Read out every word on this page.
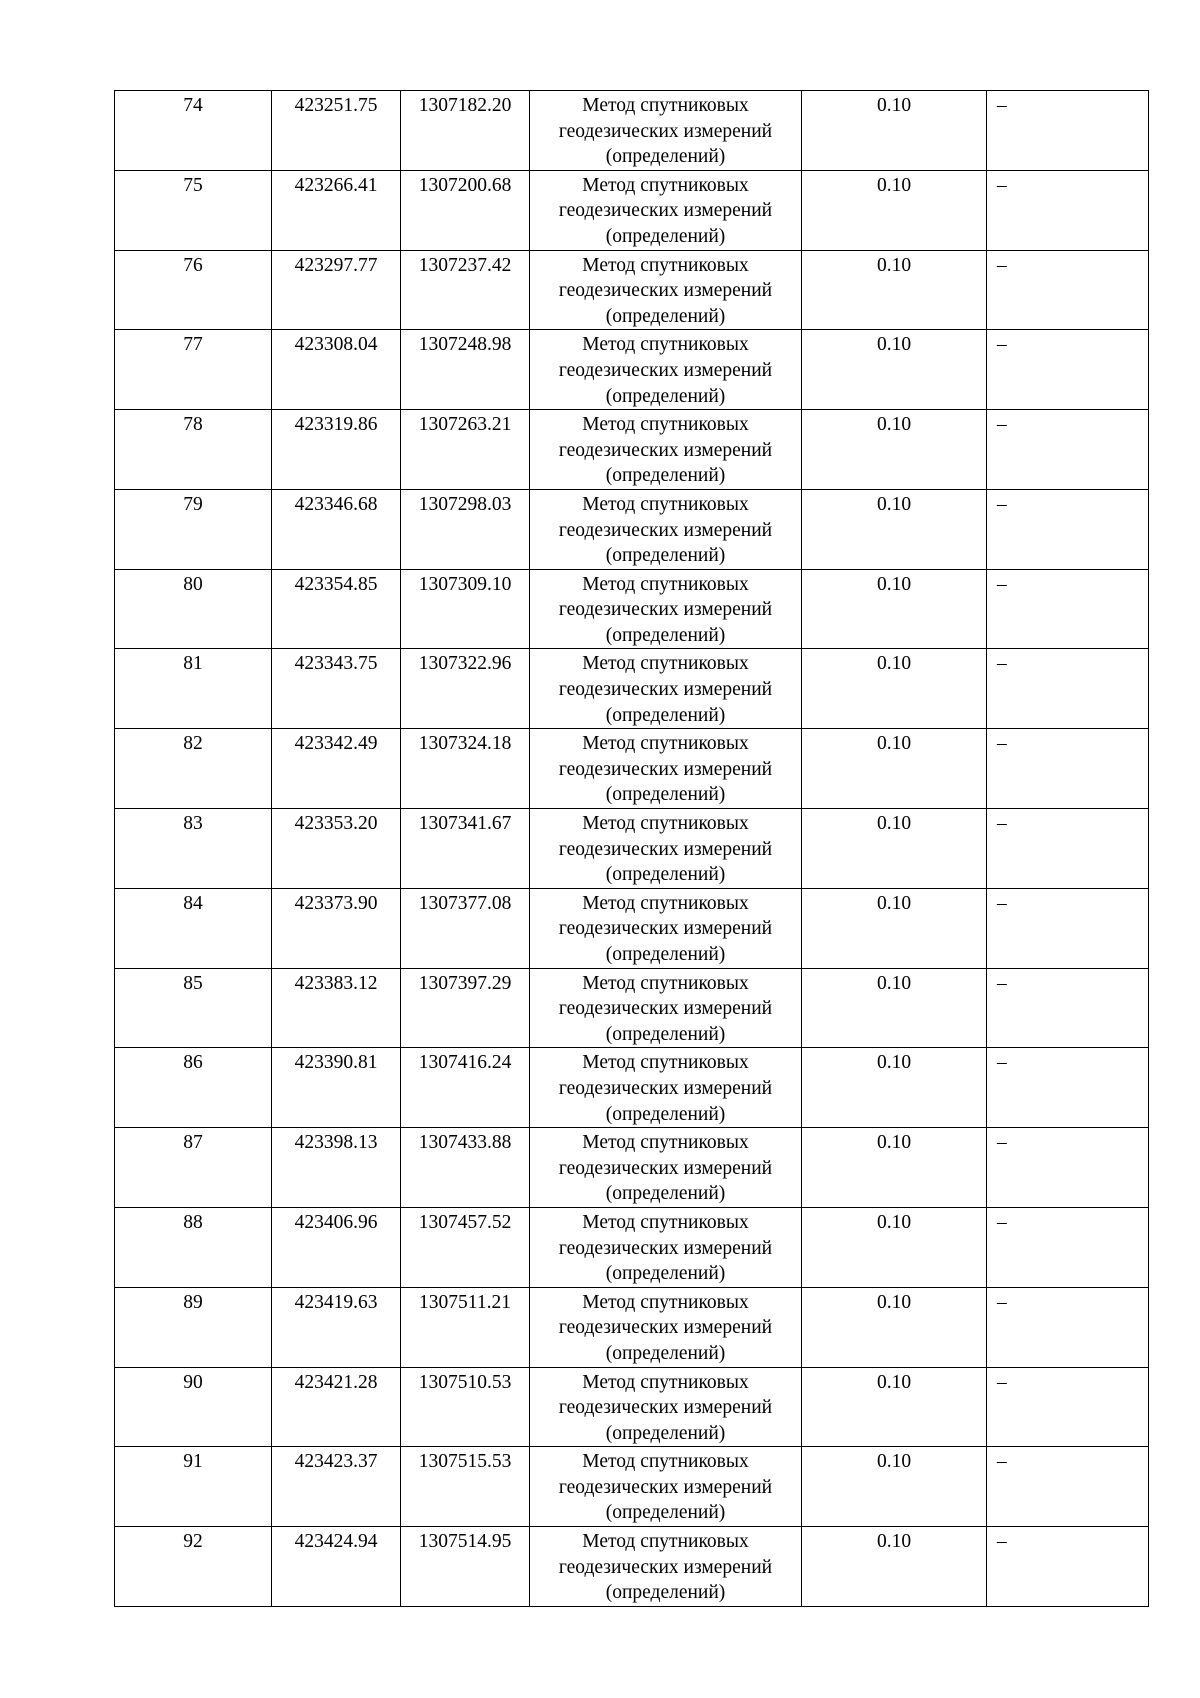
74	423251.75	1307182.20	Метод спутниковых
геодезических измерений
(определений)	0.10	–
75	423266.41	1307200.68	Метод спутниковых
геодезических измерений
(определений)	0.10	–
76	423297.77	1307237.42	Метод спутниковых
геодезических измерений
(определений)	0.10	–
77	423308.04	1307248.98	Метод спутниковых
геодезических измерений
(определений)	0.10	–
78	423319.86	1307263.21	Метод спутниковых
геодезических измерений
(определений)	0.10	–
79	423346.68	1307298.03	Метод спутниковых
геодезических измерений
(определений)	0.10	–
80	423354.85	1307309.10	Метод спутниковых
геодезических измерений
(определений)	0.10	–
81	423343.75	1307322.96	Метод спутниковых
геодезических измерений
(определений)	0.10	–
82	423342.49	1307324.18	Метод спутниковых
геодезических измерений
(определений)	0.10	–
83	423353.20	1307341.67	Метод спутниковых
геодезических измерений
(определений)	0.10	–
84	423373.90	1307377.08	Метод спутниковых
геодезических измерений
(определений)	0.10	–
85	423383.12	1307397.29	Метод спутниковых
геодезических измерений
(определений)	0.10	–
86	423390.81	1307416.24	Метод спутниковых
геодезических измерений
(определений)	0.10	–
87	423398.13	1307433.88	Метод спутниковых
геодезических измерений
(определений)	0.10	–
88	423406.96	1307457.52	Метод спутниковых
геодезических измерений
(определений)	0.10	–
89	423419.63	1307511.21	Метод спутниковых
геодезических измерений
(определений)	0.10	–
90	423421.28	1307510.53	Метод спутниковых
геодезических измерений
(определений)	0.10	–
91	423423.37	1307515.53	Метод спутниковых
геодезических измерений
(определений)	0.10	–
92	423424.94	1307514.95	Метод спутниковых
геодезических измерений
(определений)	0.10	–
